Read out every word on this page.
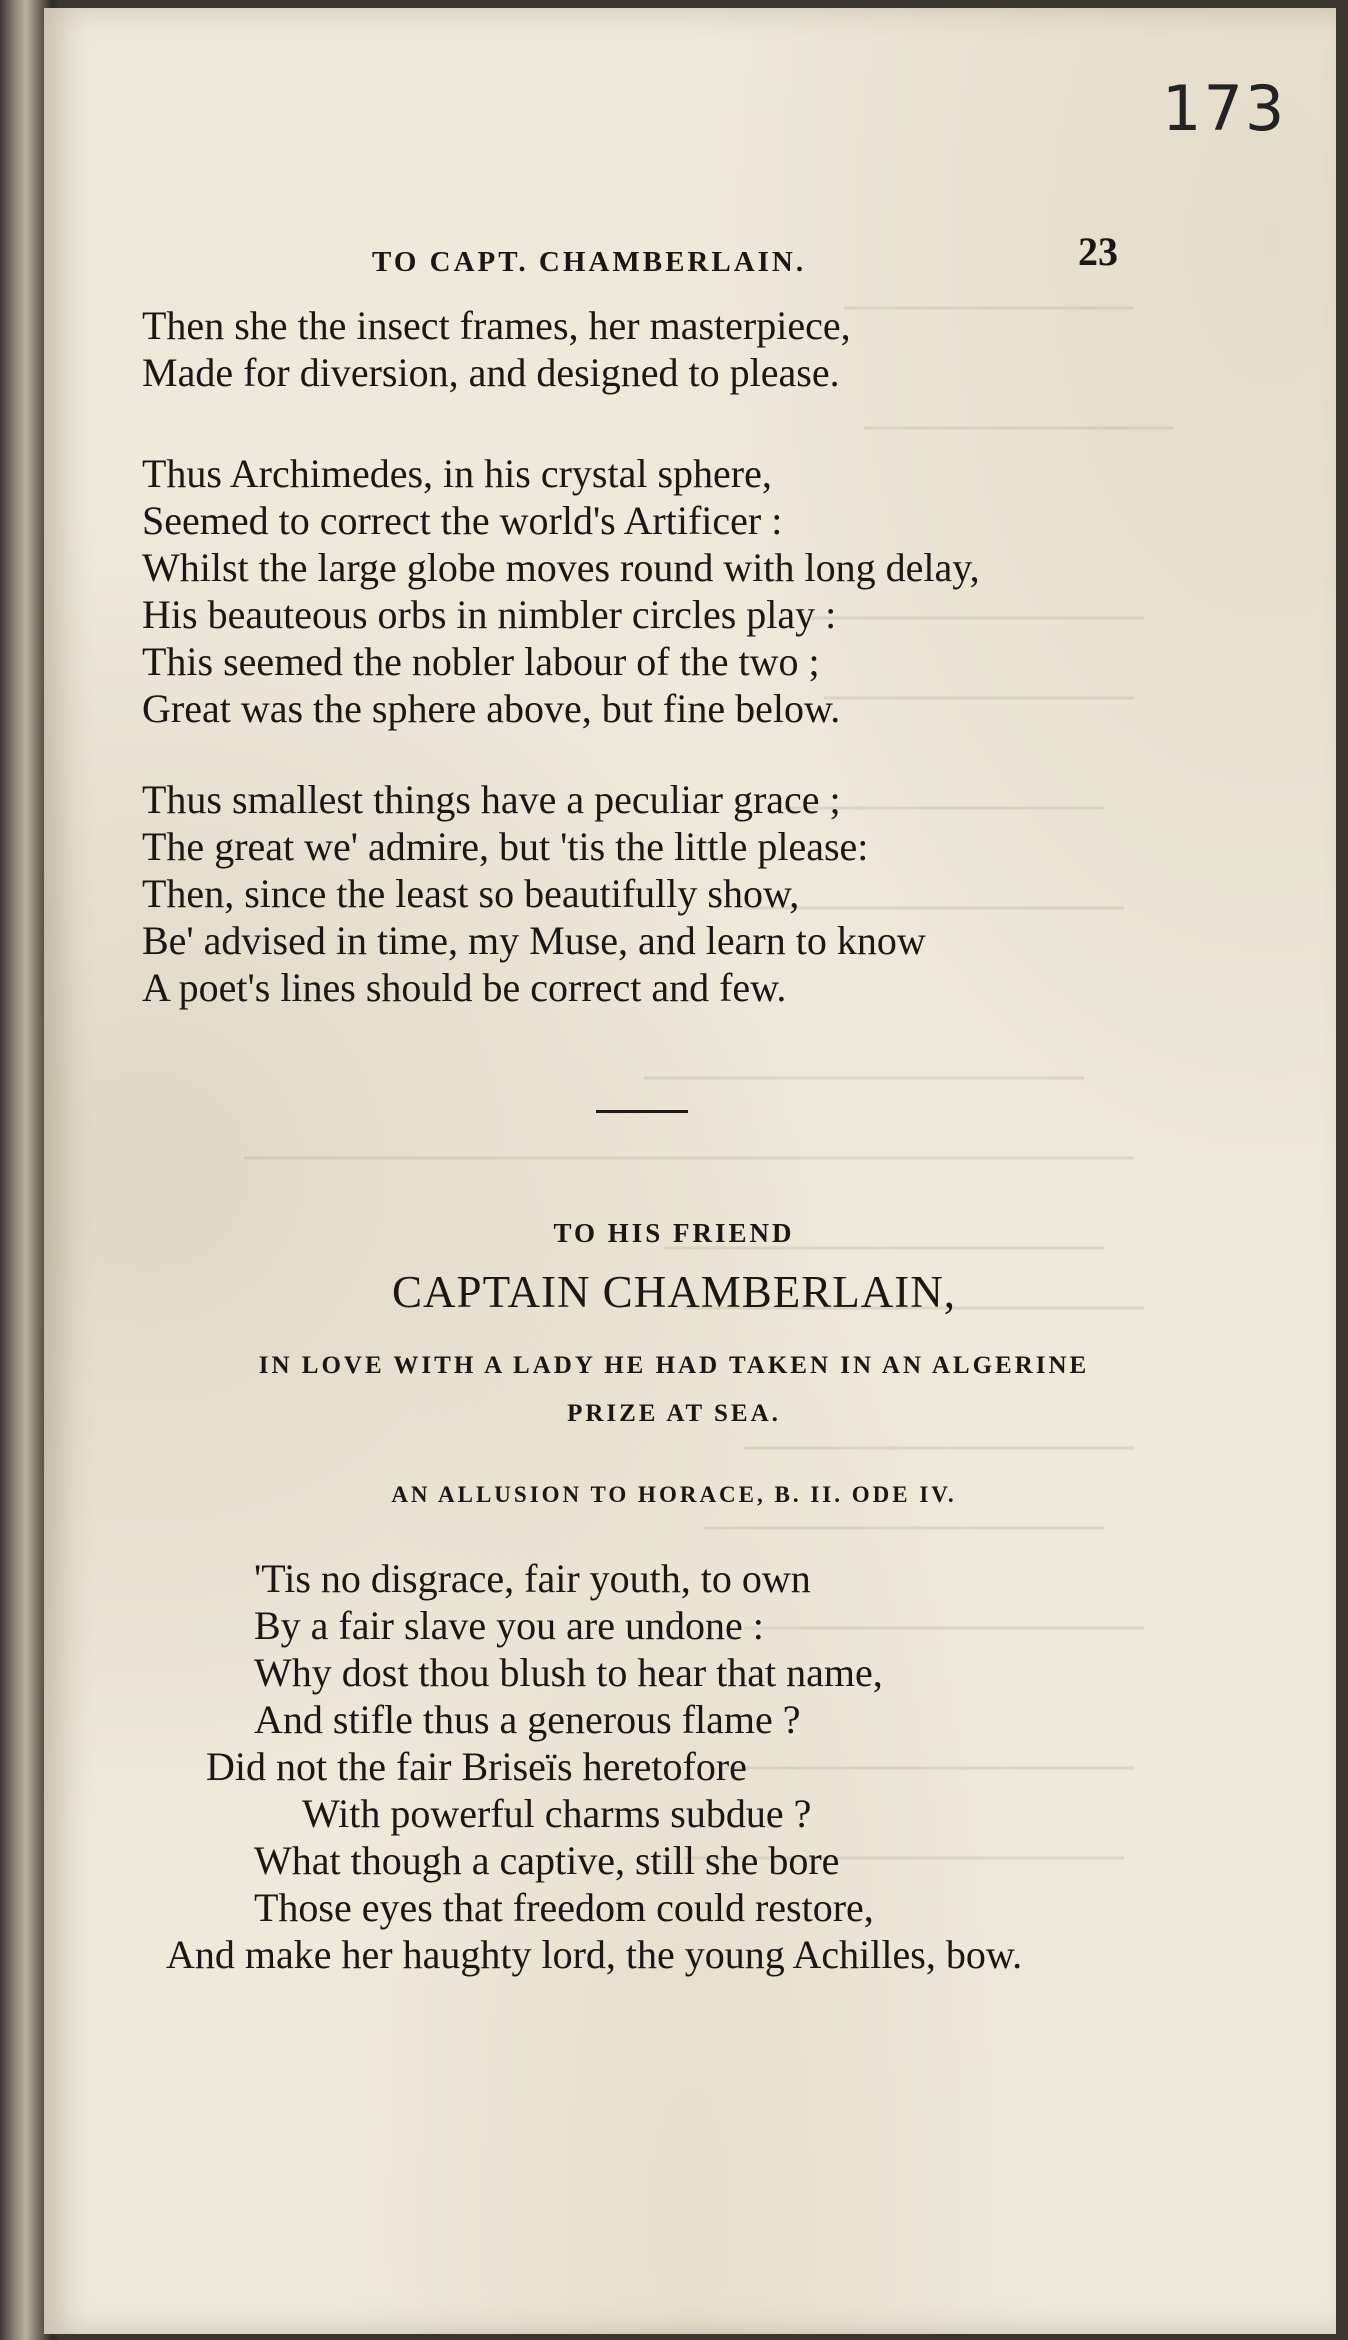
173
TO CAPT. CHAMBERLAIN.	23
Then she the insect frames, her masterpiece,
Made for diversion, and designed to please.
Thus Archimedes, in his crystal sphere,
Seemed to correct the world's Artificer :
Whilst the large globe moves round with long delay,
His beauteous orbs in nimbler circles play :
This seemed the nobler labour of the two ;
Great was the sphere above, but fine below.
Thus smallest things have a peculiar grace ;
The great we' admire, but 'tis the little please:
Then, since the least so beautifully show,
Be' advised in time, my Muse, and learn to know
A poet's lines should be correct and few.
TO HIS FRIEND
CAPTAIN CHAMBERLAIN,
IN LOVE WITH A LADY HE HAD TAKEN IN AN ALGERINE
PRIZE AT SEA.
AN ALLUSION TO HORACE, B. II. ODE IV.
'Tis no disgrace, fair youth, to own
By a fair slave you are undone :
Why dost thou blush to hear that name,
And stifle thus a generous flame ?
Did not the fair Briseïs heretofore
With powerful charms subdue ?
What though a captive, still she bore
Those eyes that freedom could restore,
And make her haughty lord, the young Achilles, bow.
